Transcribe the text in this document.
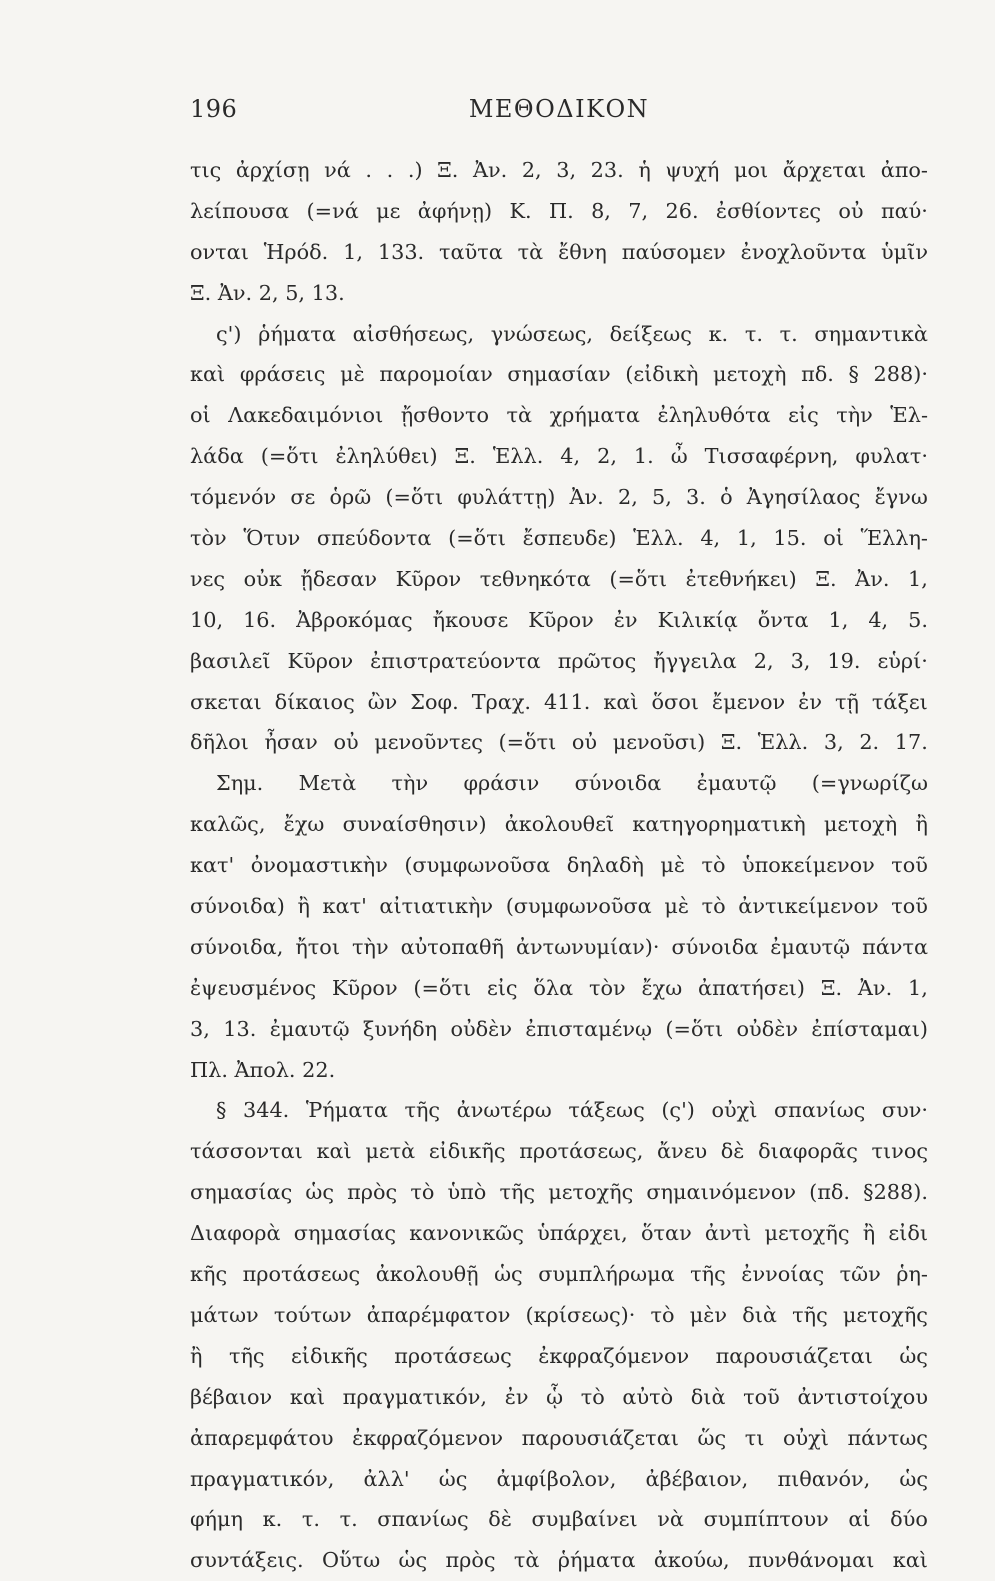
196	ΜΕΘΟΔΙΚΟΝ
τις ἀρχίσῃ νά . . .) Ξ. Ἀν. 2, 3, 23. ἡ ψυχή μοι ἄρχεται ἀπο-
λείπουσα (=νά με ἀφήνῃ) Κ. Π. 8, 7, 26. ἐσθίοντες οὐ παύ·
ονται Ἡρόδ. 1, 133. ταῦτα τὰ ἔθνη παύσομεν ἐνοχλοῦντα ὑμῖν
Ξ. Ἀν. 2, 5, 13.
ς') ῥήματα αἰσθήσεως, γνώσεως, δείξεως κ. τ. τ. σημαντικὰ
καὶ φράσεις μὲ παρομοίαν σημασίαν (εἰδικὴ μετοχὴ πδ. § 288)·
οἱ Λακεδαιμόνιοι ᾔσθοντο τὰ χρήματα ἐληλυθότα εἰς τὴν Ἑλ-
λάδα (=ὅτι ἐληλύθει) Ξ. Ἑλλ. 4, 2, 1. ὦ Τισσαφέρνη, φυλατ·
τόμενόν σε ὁρῶ (=ὅτι φυλάττῃ) Ἀν. 2, 5, 3. ὁ Ἀγησίλαος ἔγνω
τὸν Ὅτυν σπεύδοντα (=ὅτι ἔσπευδε) Ἑλλ. 4, 1, 15. οἱ Ἕλλη-
νες οὐκ ᾔδεσαν Κῦρον τεθνηκότα (=ὅτι ἐτεθνήκει) Ξ. Ἀν. 1,
10, 16. Ἀβροκόμας ἤκουσε Κῦρον ἐν Κιλικίᾳ ὄντα 1, 4, 5.
βασιλεῖ Κῦρον ἐπιστρατεύοντα πρῶτος ἤγγειλα 2, 3, 19. εὑρί·
σκεται δίκαιος ὢν Σοφ. Τραχ. 411. καὶ ὅσοι ἔμενον ἐν τῇ τάξει
δῆλοι ἦσαν οὐ μενοῦντες (=ὅτι οὐ μενοῦσι) Ξ. Ἑλλ. 3, 2. 17.
Σημ. Μετὰ τὴν φράσιν σύνοιδα ἐμαυτῷ (=γνωρίζω
καλῶς, ἔχω συναίσθησιν) ἀκολουθεῖ κατηγορηματικὴ μετοχὴ ἢ
κατ' ὀνομαστικὴν (συμφωνοῦσα δηλαδὴ μὲ τὸ ὑποκείμενον τοῦ
σύνοιδα) ἢ κατ' αἰτιατικὴν (συμφωνοῦσα μὲ τὸ ἀντικείμενον τοῦ
σύνοιδα, ἤτοι τὴν αὐτοπαθῆ ἀντωνυμίαν)· σύνοιδα ἐμαυτῷ πάντα
ἐψευσμένος Κῦρον (=ὅτι εἰς ὅλα τὸν ἔχω ἀπατήσει) Ξ. Ἀν. 1,
3, 13. ἐμαυτῷ ξυνήδη οὐδὲν ἐπισταμένῳ (=ὅτι οὐδὲν ἐπίσταμαι)
Πλ. Ἀπολ. 22.
§ 344. Ῥήματα τῆς ἀνωτέρω τάξεως (ς') οὐχὶ σπανίως συν·
τάσσονται καὶ μετὰ εἰδικῆς προτάσεως, ἄνευ δὲ διαφορᾶς τινος
σημασίας ὡς πρὸς τὸ ὑπὸ τῆς μετοχῆς σημαινόμενον (πδ. §288).
Διαφορὰ σημασίας κανονικῶς ὑπάρχει, ὅταν ἀντὶ μετοχῆς ἢ εἰδι
κῆς προτάσεως ἀκολουθῇ ὡς συμπλήρωμα τῆς ἐννοίας τῶν ῥη-
μάτων τούτων ἀπαρέμφατον (κρίσεως)· τὸ μὲν διὰ τῆς μετοχῆς
ἢ τῆς εἰδικῆς προτάσεως ἐκφραζόμενον παρουσιάζεται ὡς
βέβαιον καὶ πραγματικόν, ἐν ᾧ τὸ αὐτὸ διὰ τοῦ ἀντιστοίχου
ἀπαρεμφάτου ἐκφραζόμενον παρουσιάζεται ὥς τι οὐχὶ πάντως
πραγματικόν, ἀλλ' ὡς ἀμφίβολον, ἀβέβαιον, πιθανόν, ὡς
φήμη κ. τ. τ. σπανίως δὲ συμβαίνει νὰ συμπίπτουν αἱ δύο
συντάξεις. Οὕτω ὡς πρὸς τὰ ῥήματα ἀκούω, πυνθάνομαι καὶ
